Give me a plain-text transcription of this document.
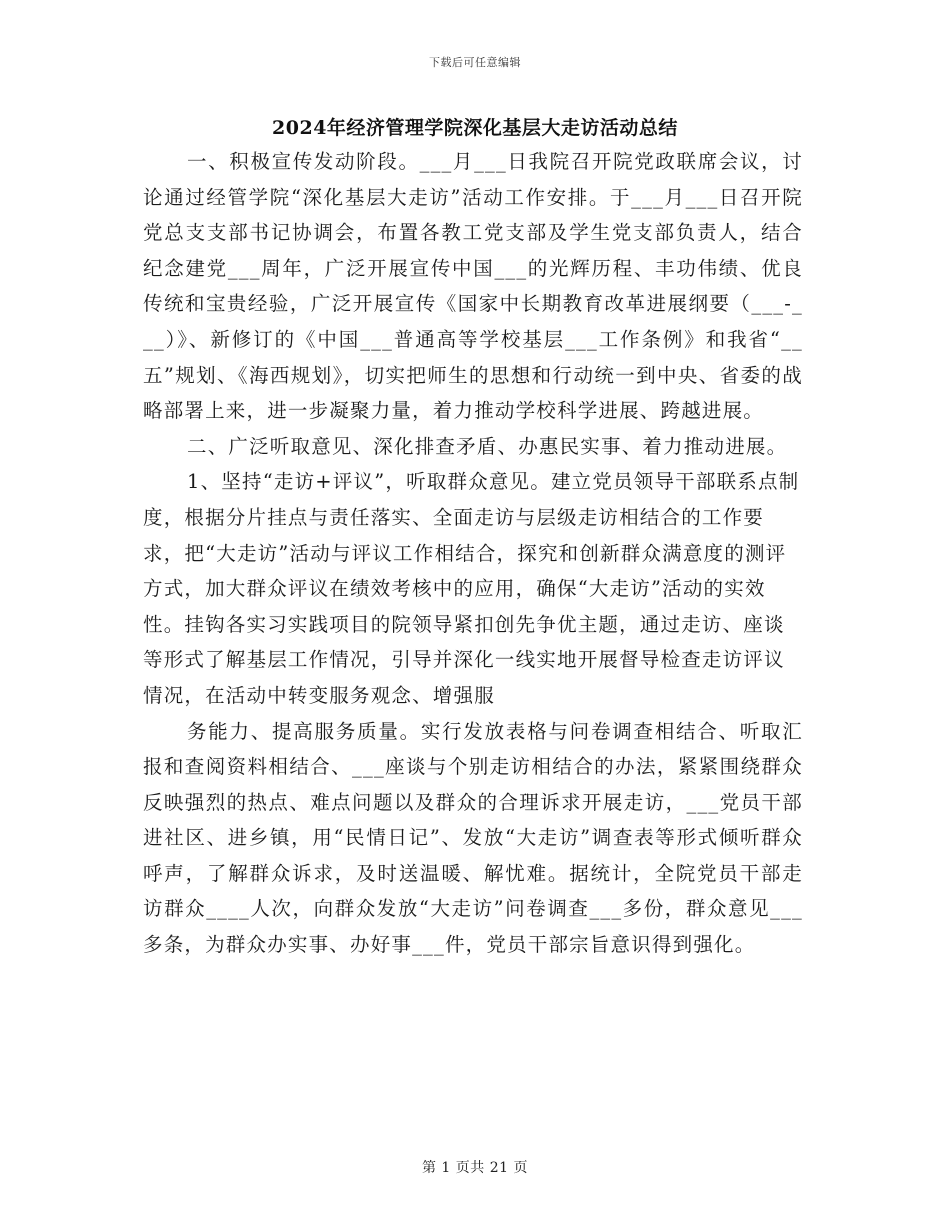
下载后可任意编辑
2024年经济管理学院深化基层大走访活动总结

一、积极宣传发动阶段。___月___日我院召开院党政联席会议，讨论通过经管学院“深化基层大走访”活动工作安排。于___月___日召开院党总支支部书记协调会，布置各教工党支部及学生党支部负责人，结合纪念建党___周年，广泛开展宣传中国___的光辉历程、丰功伟绩、优良传统和宝贵经验，广泛开展宣传《国家中长期教育改革进展纲要（___-___）》、新修订的《中国___普通高等学校基层___工作条例》和我省“__五”规划、《海西规划》，切实把师生的思想和行动统一到中央、省委的战略部署上来，进一步凝聚力量，着力推动学校科学进展、跨越进展。

二、广泛听取意见、深化排查矛盾、办惠民实事、着力推动进展。

1、坚持“走访+评议”，听取群众意见。建立党员领导干部联系点制度，根据分片挂点与责任落实、全面走访与层级走访相结合的工作要求，把“大走访”活动与评议工作相结合，探究和创新群众满意度的测评方式，加大群众评议在绩效考核中的应用，确保“大走访”活动的实效性。挂钩各实习实践项目的院领导紧扣创先争优主题，通过走访、座谈等形式了解基层工作情况，引导并深化一线实地开展督导检查走访评议情况，在活动中转变服务观念、增强服

务能力、提高服务质量。实行发放表格与问卷调查相结合、听取汇报和查阅资料相结合、___座谈与个别走访相结合的办法，紧紧围绕群众反映强烈的热点、难点问题以及群众的合理诉求开展走访，___党员干部进社区、进乡镇，用“民情日记”、发放“大走访”调查表等形式倾听群众呼声，了解群众诉求，及时送温暖、解忧难。据统计，全院党员干部走访群众____人次，向群众发放“大走访”问卷调查___多份，群众意见___多条，为群众办实事、办好事___件，党员干部宗旨意识得到强化。

第 1 页共 21 页
